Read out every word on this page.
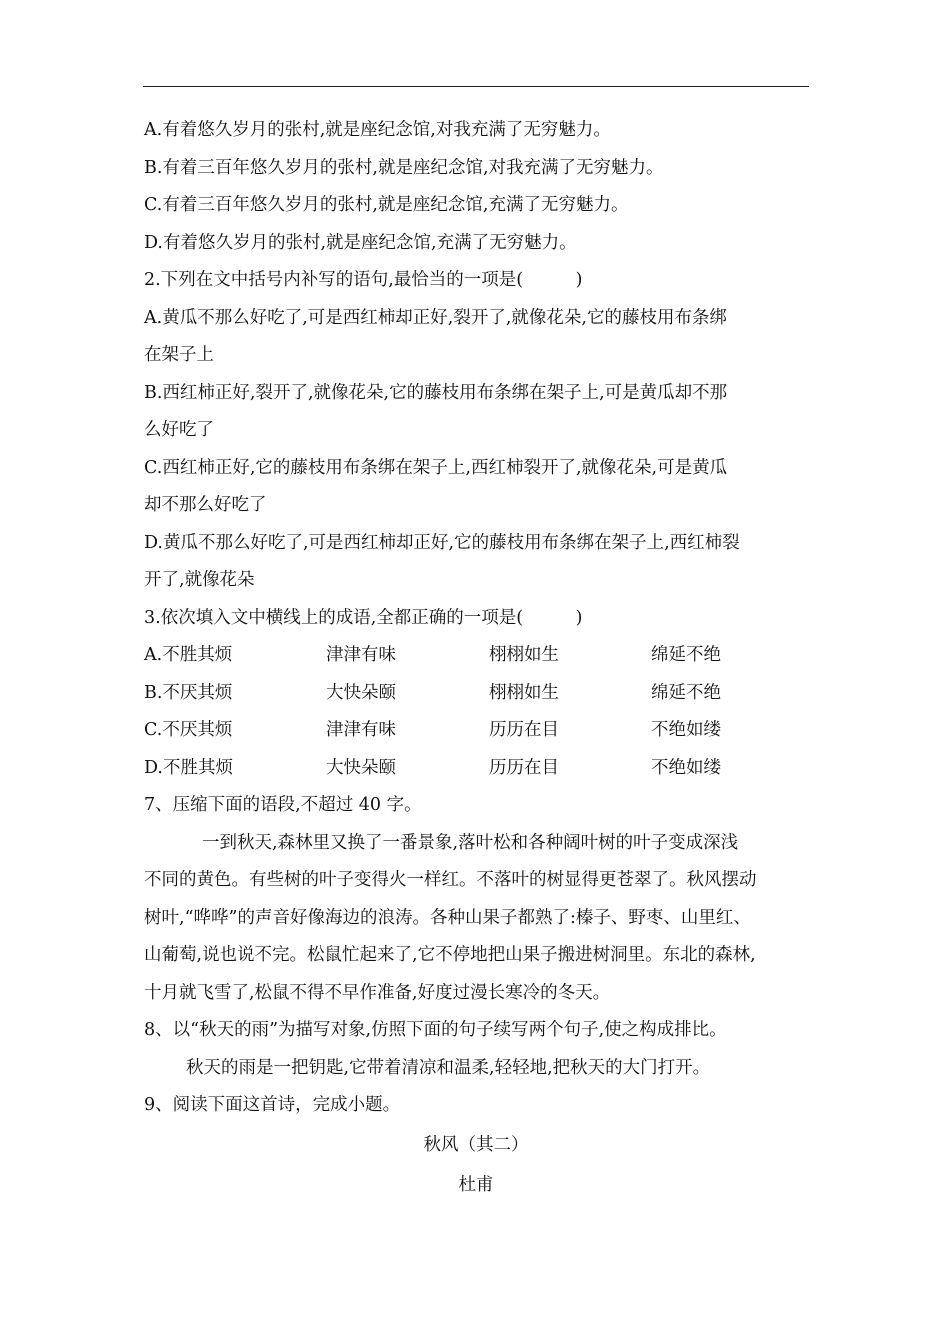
A.有着悠久岁月的张村,就是座纪念馆,对我充满了无穷魅力。
B.有着三百年悠久岁月的张村,就是座纪念馆,对我充满了无穷魅力。
C.有着三百年悠久岁月的张村,就是座纪念馆,充满了无穷魅力。
D.有着悠久岁月的张村,就是座纪念馆,充满了无穷魅力。
2.下列在文中括号内补写的语句,最恰当的一项是(　　　)
A.黄瓜不那么好吃了,可是西红柿却正好,裂开了,就像花朵,它的藤枝用布条绑
在架子上
B.西红柿正好,裂开了,就像花朵,它的藤枝用布条绑在架子上,可是黄瓜却不那
么好吃了
C.西红柿正好,它的藤枝用布条绑在架子上,西红柿裂开了,就像花朵,可是黄瓜
却不那么好吃了
D.黄瓜不那么好吃了,可是西红柿却正好,它的藤枝用布条绑在架子上,西红柿裂
开了,就像花朵
3.依次填入文中横线上的成语,全都正确的一项是(　　　)
A.不胜其烦	津津有味	栩栩如生	绵延不绝
B.不厌其烦	大快朵颐	栩栩如生	绵延不绝
C.不厌其烦	津津有味	历历在目	不绝如缕
D.不胜其烦	大快朵颐	历历在目	不绝如缕
7、压缩下面的语段,不超过 40 字。
一到秋天,森林里又换了一番景象,落叶松和各种阔叶树的叶子变成深浅
不同的黄色。有些树的叶子变得火一样红。不落叶的树显得更苍翠了。秋风摆动
树叶,“哗哗”的声音好像海边的浪涛。各种山果子都熟了:榛子、野枣、山里红、
山葡萄,说也说不完。松鼠忙起来了,它不停地把山果子搬进树洞里。东北的森林,
十月就飞雪了,松鼠不得不早作准备,好度过漫长寒冷的冬天。
8、以“秋天的雨”为描写对象,仿照下面的句子续写两个句子,使之构成排比。
秋天的雨是一把钥匙,它带着清凉和温柔,轻轻地,把秋天的大门打开。
9、阅读下面这首诗，完成小题。
秋风（其二）
杜甫
